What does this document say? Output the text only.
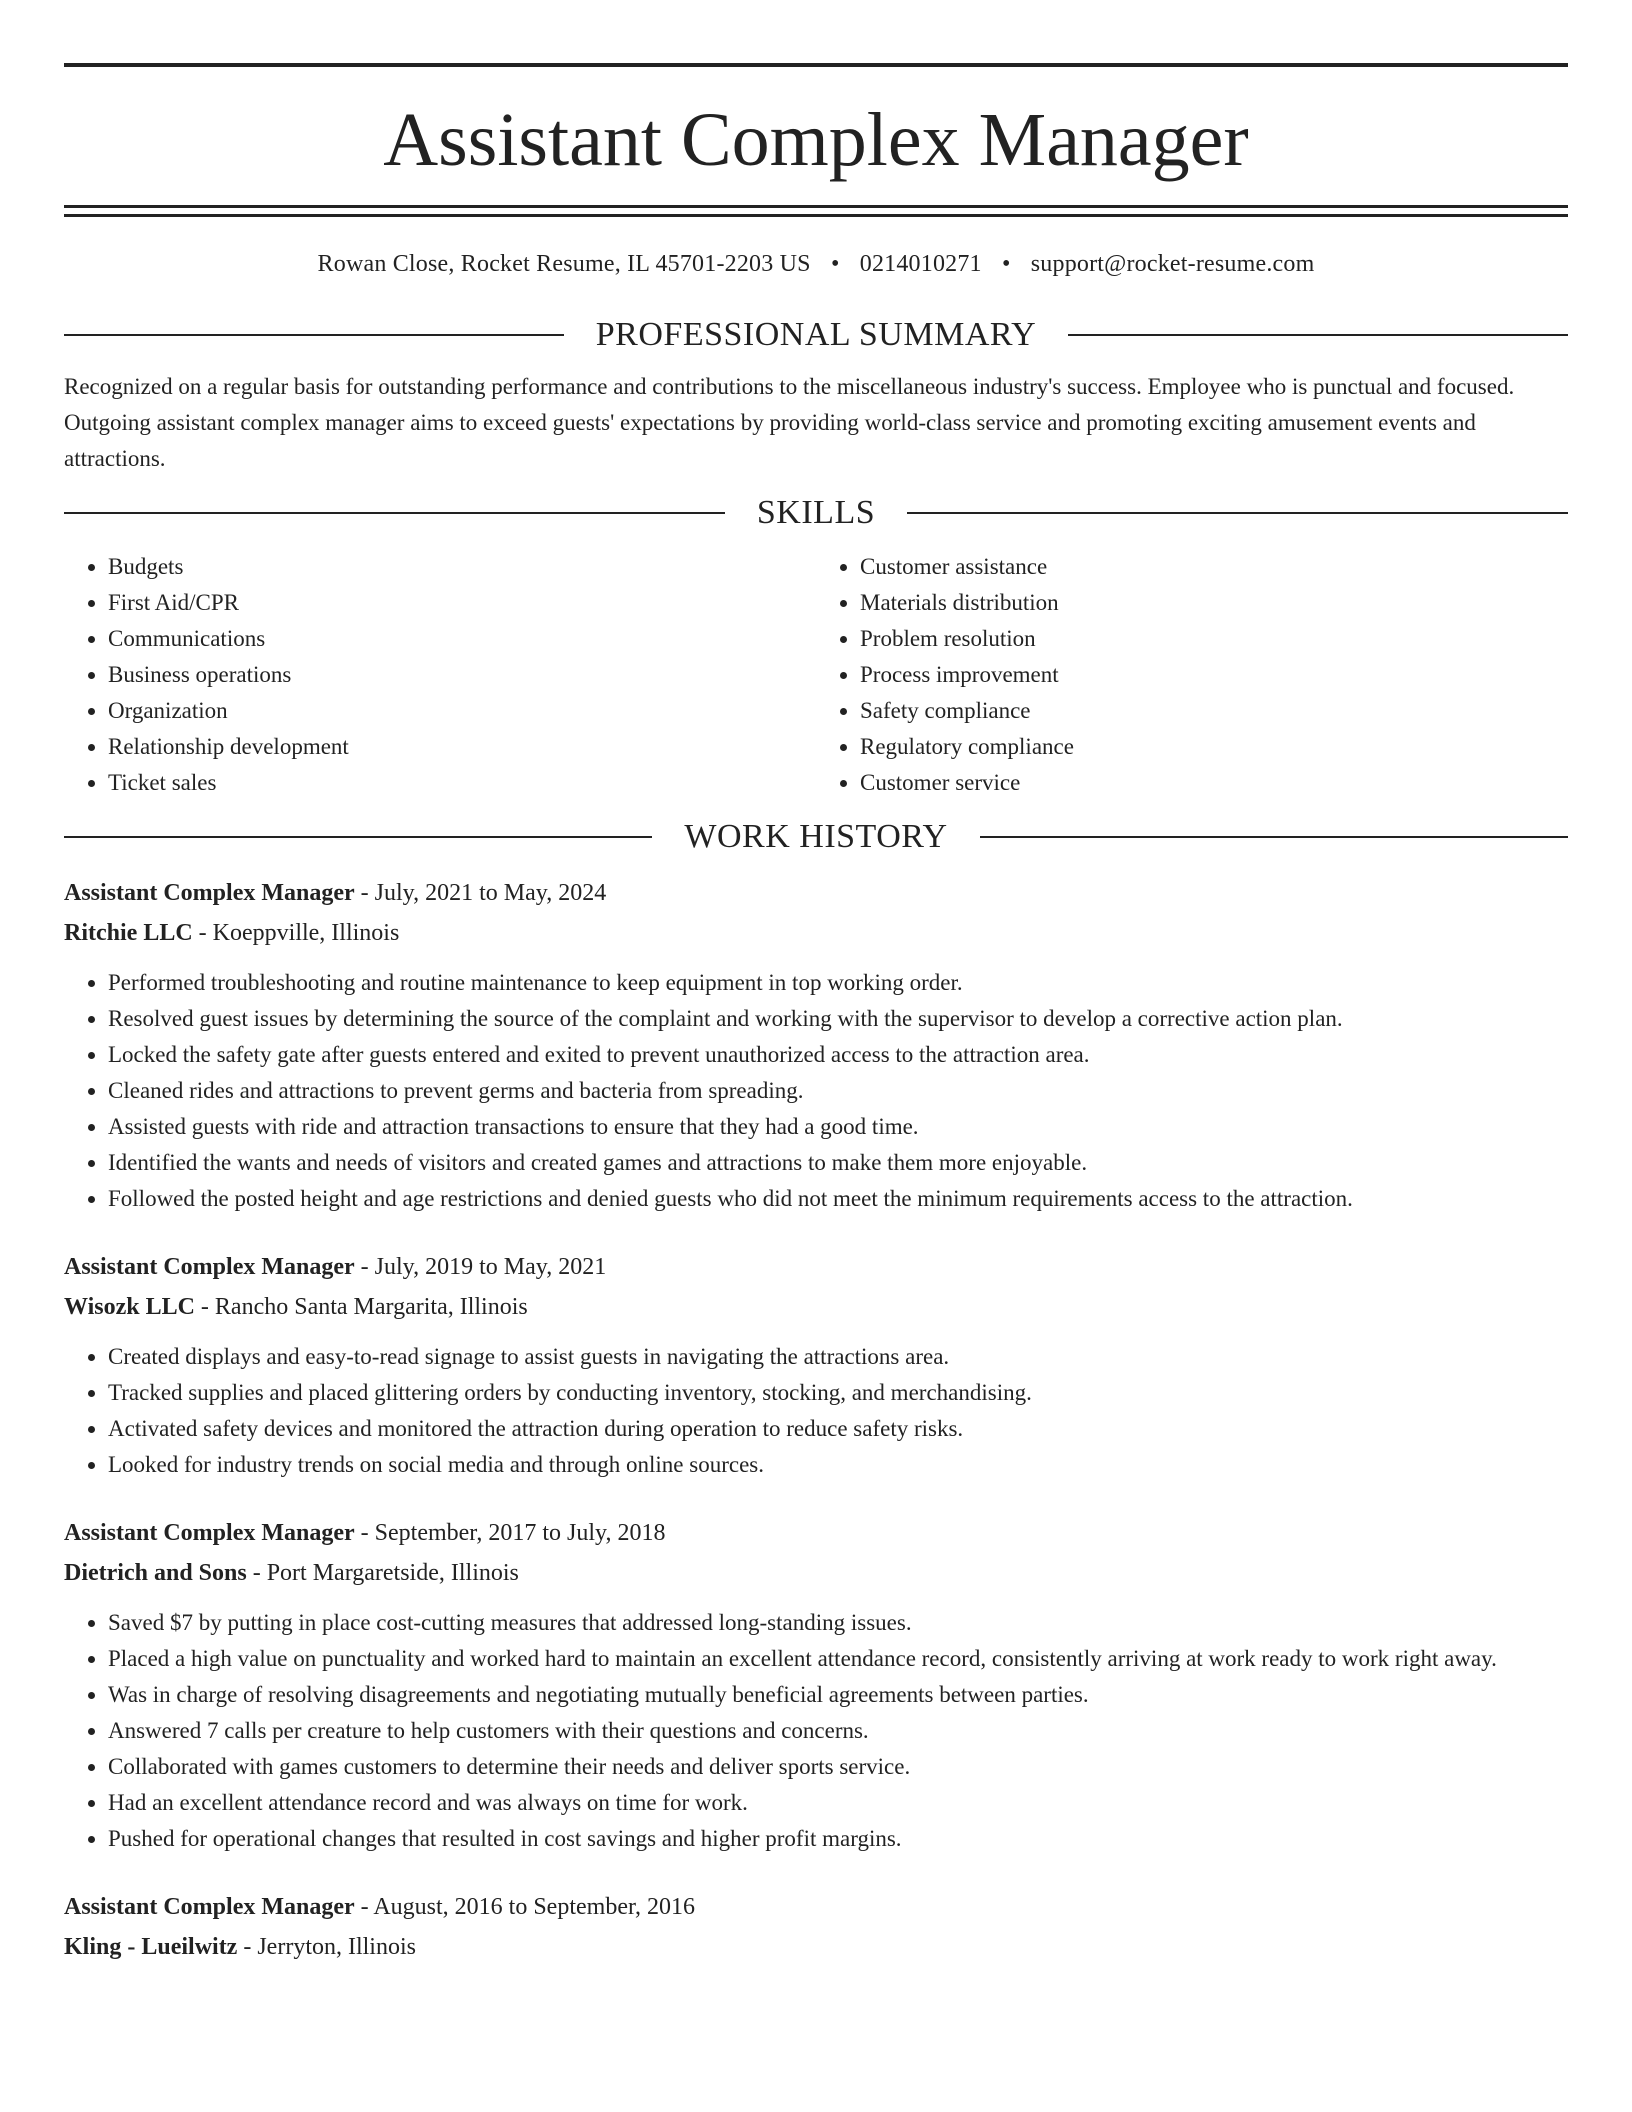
Assistant Complex Manager
Rowan Close, Rocket Resume, IL 45701-2203 US • 0214010271 • support@rocket-resume.com
PROFESSIONAL SUMMARY
Recognized on a regular basis for outstanding performance and contributions to the miscellaneous industry's success. Employee who is punctual and focused. Outgoing assistant complex manager aims to exceed guests' expectations by providing world-class service and promoting exciting amusement events and attractions.
SKILLS
• Budgets
• First Aid/CPR
• Communications
• Business operations
• Organization
• Relationship development
• Ticket sales
• Customer assistance
• Materials distribution
• Problem resolution
• Process improvement
• Safety compliance
• Regulatory compliance
• Customer service
WORK HISTORY
Assistant Complex Manager - July, 2021 to May, 2024
Ritchie LLC - Koeppville, Illinois
• Performed troubleshooting and routine maintenance to keep equipment in top working order.
• Resolved guest issues by determining the source of the complaint and working with the supervisor to develop a corrective action plan.
• Locked the safety gate after guests entered and exited to prevent unauthorized access to the attraction area.
• Cleaned rides and attractions to prevent germs and bacteria from spreading.
• Assisted guests with ride and attraction transactions to ensure that they had a good time.
• Identified the wants and needs of visitors and created games and attractions to make them more enjoyable.
• Followed the posted height and age restrictions and denied guests who did not meet the minimum requirements access to the attraction.
Assistant Complex Manager - July, 2019 to May, 2021
Wisozk LLC - Rancho Santa Margarita, Illinois
• Created displays and easy-to-read signage to assist guests in navigating the attractions area.
• Tracked supplies and placed glittering orders by conducting inventory, stocking, and merchandising.
• Activated safety devices and monitored the attraction during operation to reduce safety risks.
• Looked for industry trends on social media and through online sources.
Assistant Complex Manager - September, 2017 to July, 2018
Dietrich and Sons - Port Margaretside, Illinois
• Saved $7 by putting in place cost-cutting measures that addressed long-standing issues.
• Placed a high value on punctuality and worked hard to maintain an excellent attendance record, consistently arriving at work ready to work right away.
• Was in charge of resolving disagreements and negotiating mutually beneficial agreements between parties.
• Answered 7 calls per creature to help customers with their questions and concerns.
• Collaborated with games customers to determine their needs and deliver sports service.
• Had an excellent attendance record and was always on time for work.
• Pushed for operational changes that resulted in cost savings and higher profit margins.
Assistant Complex Manager - August, 2016 to September, 2016
Kling - Lueilwitz - Jerryton, Illinois
